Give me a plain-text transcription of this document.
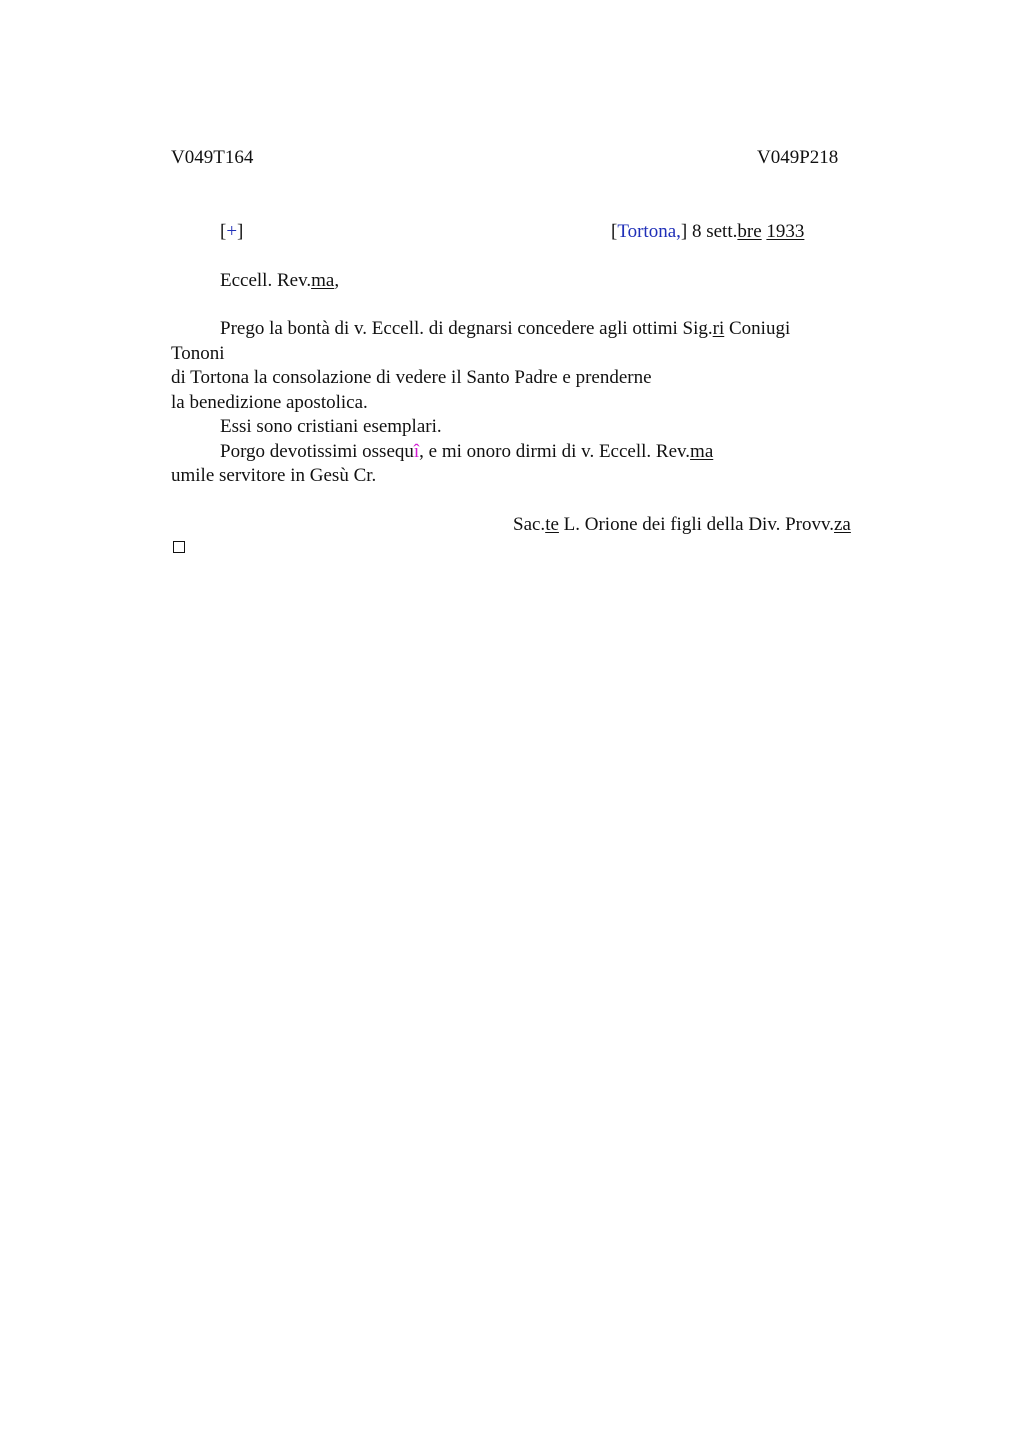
V049T164	V049P218
[+]	[Tortona,] 8 sett.bre 1933
Eccell. Rev.ma,
Prego la bontà di v. Eccell. di degnarsi concedere agli ottimi Sig.ri Coniugi
Tononi
di Tortona la consolazione di vedere il Santo Padre e prenderne
la benedizione apostolica.
Essi sono cristiani esemplari.
Porgo devotissimi ossequî, e mi onoro dirmi di v. Eccell. Rev.ma
umile servitore in Gesù Cr.
Sac.te L. Orione dei figli della Div. Provv.za
